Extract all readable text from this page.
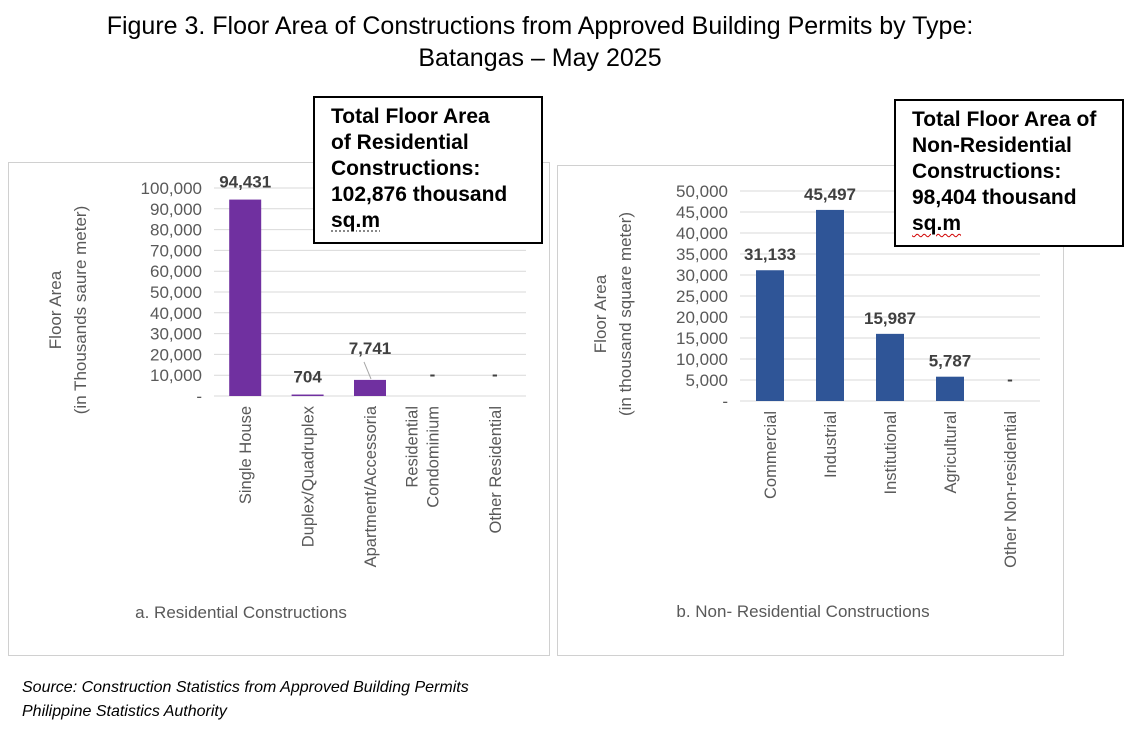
Figure 3. Floor Area of Constructions from Approved Building Permits by Type:
Batangas – May 2025
-
10,000
20,000
30,000
40,000
50,000
60,000
70,000
80,000
90,000
100,000 94,431
Single House
704
Duplex/Quadruplex
7,741
Apartment/Accessoria
-
Residential Condominium
-
Other Residential
Floor Area (in Thousands saure meter)
a. Residential Constructions
-
5,000
10,000
15,000
20,000
25,000
30,000
35,000
40,000
45,000
50,000
31,133
Commercial
45,497
Industrial
15,987
Institutional
5,787
Agricultural
-
Other Non-residential
Floor Area (in thousand square meter)
b. Non- Residential Constructions
Total Floor Area
of Residential
Constructions:
102,876 thousand
sq.m
Total Floor Area of
Non-Residential
Constructions:
98,404 thousand
sq.m
Source: Construction Statistics from Approved Building Permits
Philippine Statistics Authority
